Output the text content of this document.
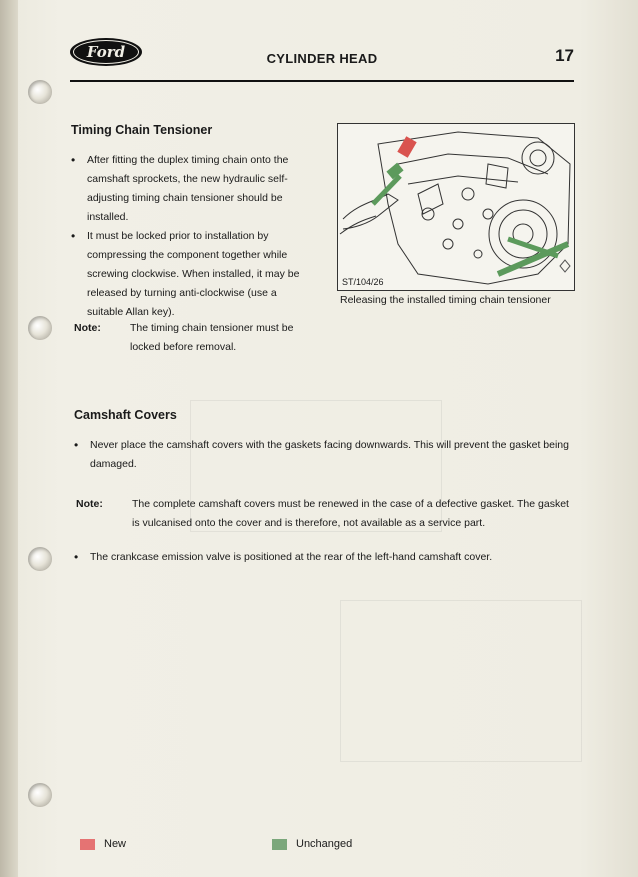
Ford	CYLINDER HEAD	17
Timing Chain Tensioner
• After fitting the duplex timing chain onto the
camshaft sprockets, the new hydraulic self-
adjusting timing chain tensioner should be
installed.
• It must be locked prior to installation by
compressing the component together while
screwing clockwise. When installed, it may be
released by turning anti-clockwise (use a
suitable Allan key).
Note:	The timing chain tensioner must be
locked before removal.
ST/104/26
Releasing the installed timing chain tensioner
Camshaft Covers
• Never place the camshaft covers with the gaskets facing downwards. This will prevent the gasket being
damaged.
Note:	The complete camshaft covers must be renewed in the case of a defective gasket. The gasket
is vulcanised onto the cover and is therefore, not available as a service part.
• The crankcase emission valve is positioned at the rear of the left-hand camshaft cover.
New	Unchanged
